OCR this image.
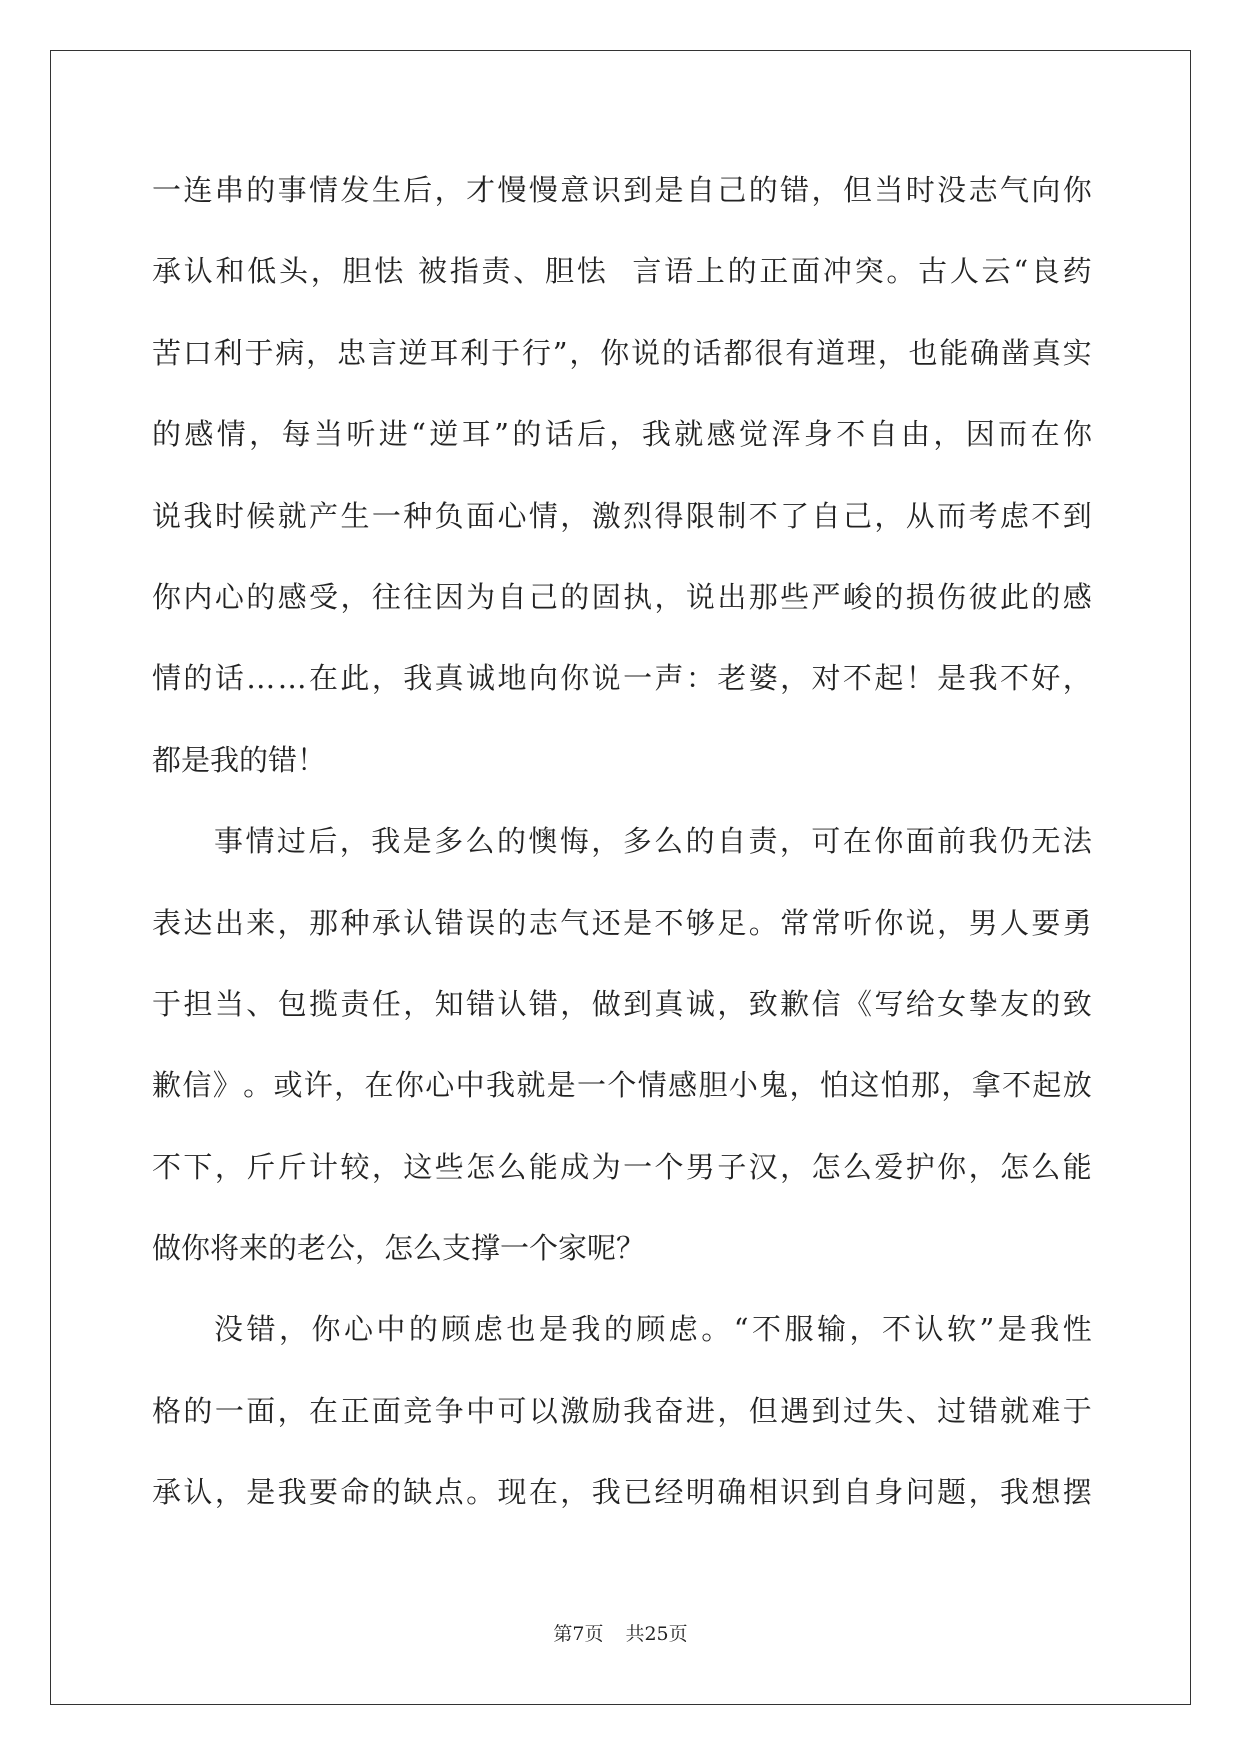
一 连 串 的 事 情 发 生 后 ， 才 慢 慢 意 识 到 是 自 己 的 错 ， 但 当 时 没 志 气 向 你
承 认 和 低 头 ， 胆 怯
被 指 责 、 胆 怯

言 语 上 的 正 面 冲 突 。 古 人 云 “ 良 药
苦 口 利 于 病 ， 忠 言 逆 耳 利 于 行 ” ， 你 说 的 话 都 很 有 道 理 ， 也 能 确 凿 真 实
的 感 情 ， 每 当 听 进 “ 逆 耳 ” 的 话 后 ， 我 就 感 觉 浑 身 不 自 由 ， 因 而 在 你
说 我 时 候 就 产 生 一 种 负 面 心 情 ， 激 烈 得 限 制 不 了 自 己 ， 从 而 考 虑 不 到
你 内 心 的 感 受 ， 往 往 因 为 自 己 的 固 执 ， 说 出 那 些 严 峻 的 损 伤 彼 此 的 感
情 的 话 … … 在 此 ， 我 真 诚 地 向 你 说 一 声 ： 老 婆 ， 对 不 起 ！ 是 我 不 好 ，
都是我的错！
事 情 过 后 ， 我 是 多 么 的 懊 悔 ， 多 么 的 自 责 ， 可 在 你 面 前 我 仍 无 法
表 达 出 来 ， 那 种 承 认 错 误 的 志 气 还 是 不 够 足 。 常 常 听 你 说 ， 男 人 要 勇
于 担 当 、 包 揽 责 任 ， 知 错 认 错 ， 做 到 真 诚 ， 致 歉 信 《 写 给 女 挚 友 的 致
歉 信 》 。 或 许 ， 在 你 心 中 我 就 是 一 个 情 感 胆 小 鬼 ， 怕 这 怕 那 ， 拿 不 起 放
不 下 ， 斤 斤 计 较 ， 这 些 怎 么 能 成 为 一 个 男 子 汉 ， 怎 么 爱 护 你 ， 怎 么 能
做你将来的老公，怎么支撑一个家呢？
没 错 ， 你 心 中 的 顾 虑 也 是 我 的 顾 虑 。 “ 不 服 输 ， 不 认 软 ” 是 我 性
格 的 一 面 ， 在 正 面 竞 争 中 可 以 激 励 我 奋 进 ， 但 遇 到 过 失 、 过 错 就 难 于
承 认 ， 是 我 要 命 的 缺 点 。 现 在 ， 我 已 经 明 确 相 识 到 自 身 问 题 ， 我 想 摆
第7页 共25页
